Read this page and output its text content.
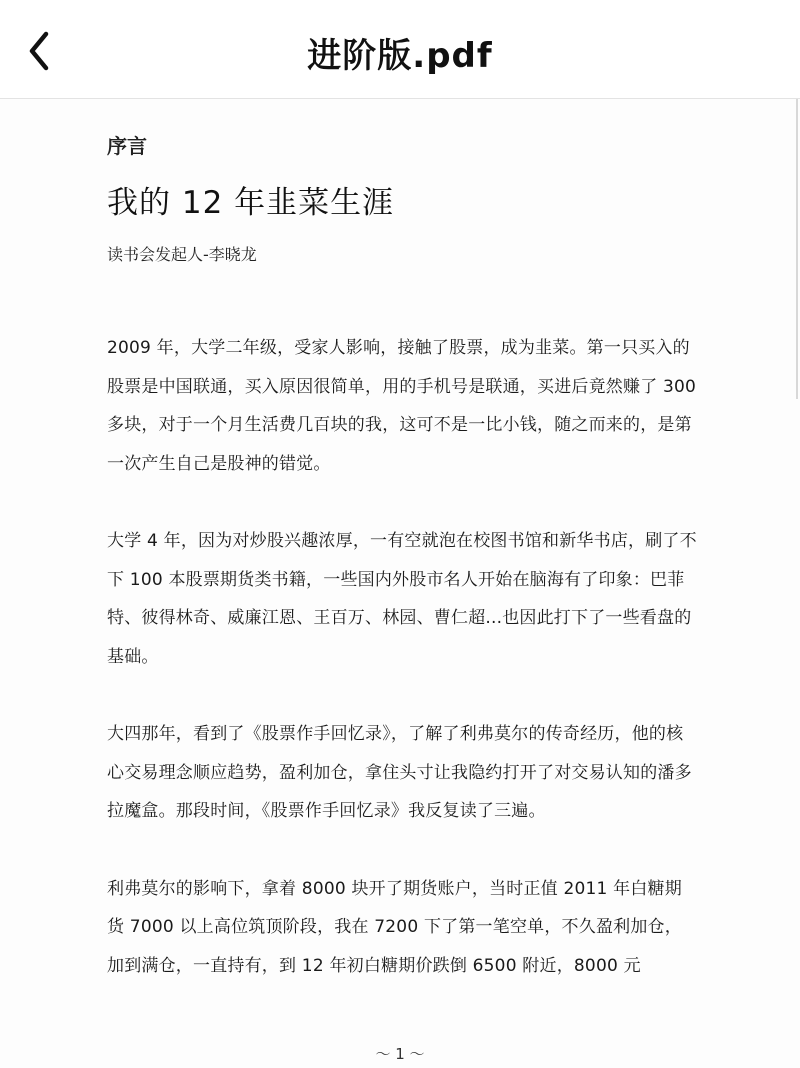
进阶版.pdf

序言

我的 12 年韭菜生涯

读书会发起人-李晓龙

2009 年，大学二年级，受家人影响，接触了股票，成为韭菜。第一只买入的股票是中国联通，买入原因很简单，用的手机号是联通，买进后竟然赚了 300 多块，对于一个月生活费几百块的我，这可不是一比小钱，随之而来的，是第一次产生自己是股神的错觉。

大学 4 年，因为对炒股兴趣浓厚，一有空就泡在校图书馆和新华书店，刷了不下 100 本股票期货类书籍，一些国内外股市名人开始在脑海有了印象：巴菲特、彼得林奇、威廉江恩、王百万、林园、曹仁超...也因此打下了一些看盘的基础。

大四那年，看到了《股票作手回忆录》，了解了利弗莫尔的传奇经历，他的核心交易理念顺应趋势，盈利加仓，拿住头寸让我隐约打开了对交易认知的潘多拉魔盒。那段时间，《股票作手回忆录》我反复读了三遍。

利弗莫尔的影响下，拿着 8000 块开了期货账户，当时正值 2011 年白糖期货 7000 以上高位筑顶阶段，我在 7200 下了第一笔空单，不久盈利加仓，加到满仓，一直持有，到 12 年初白糖期价跌倒 6500 附近，8000 元

～ 1 ～
